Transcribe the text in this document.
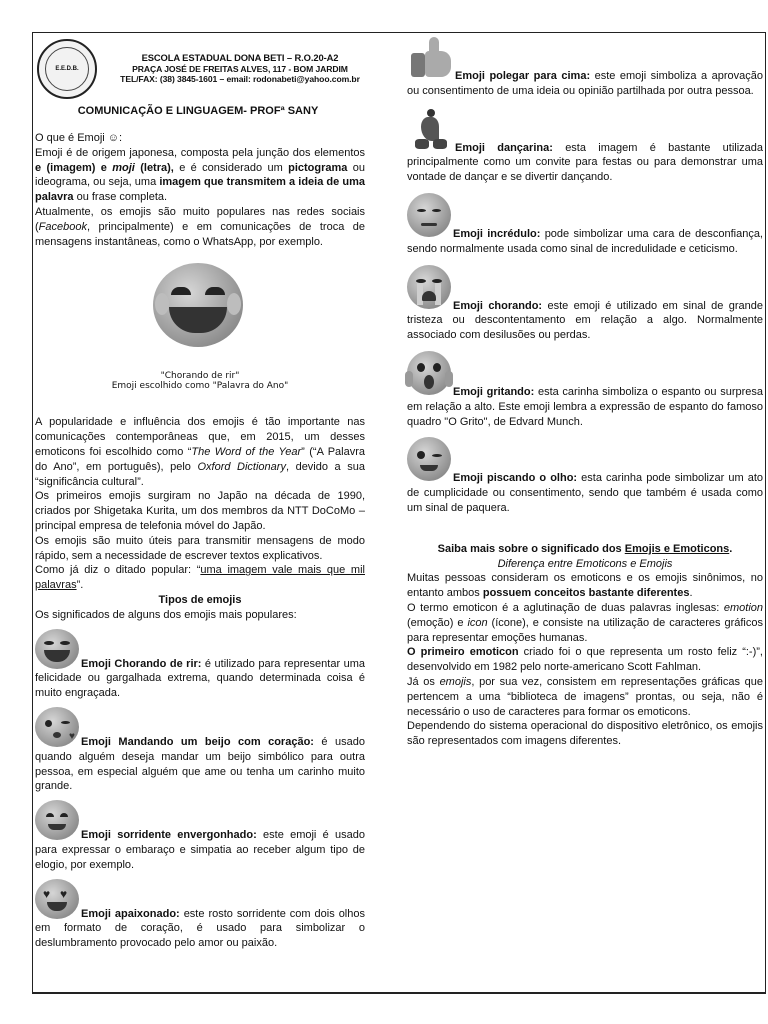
E.E.D.B.
ESCOLA ESTADUAL DONA BETI – R.O.20-A2
PRAÇA JOSÉ DE FREITAS ALVES, 117 - BOM JARDIM
TEL/FAX: (38) 3845-1601 – email: rodonabeti@yahoo.com.br
COMUNICAÇÃO E LINGUAGEM- PROFª SANY

O que é Emoji ☺:

Emoji é de origem japonesa, composta pela junção dos elementos e (imagem) e moji (letra), e é considerado um pictograma ou ideograma, ou seja, uma imagem que transmitem a ideia de uma palavra ou frase completa.

Atualmente, os emojis são muito populares nas redes sociais (Facebook, principalmente) e em comunicações de troca de mensagens instantâneas, como o WhatsApp, por exemplo.

"Chorando de rir"
Emoji escolhido como "Palavra do Ano"

A popularidade e influência dos emojis é tão importante nas comunicações contemporâneas que, em 2015, um desses emoticons foi escolhido como “The Word of the Year” (“A Palavra do Ano”, em português), pelo Oxford Dictionary, devido a sua “significância cultural”.

Os primeiros emojis surgiram no Japão na década de 1990, criados por Shigetaka Kurita, um dos membros da NTT DoCoMo – principal empresa de telefonia móvel do Japão.

Os emojis são muito úteis para transmitir mensagens de modo rápido, sem a necessidade de escrever textos explicativos.

Como já diz o ditado popular: “uma imagem vale mais que mil palavras”.

Tipos de emojis

Os significados de alguns dos emojis mais populares:

Emoji Chorando de rir: é utilizado para representar uma felicidade ou gargalhada extrema, quando determinada coisa é muito engraçada.

♥ Emoji Mandando um beijo com coração: é usado quando alguém deseja mandar um beijo simbólico para outra pessoa, em especial alguém que ame ou tenha um carinho muito grande.

Emoji sorridente envergonhado: este emoji é usado para expressar o embaraço e simpatia ao receber algum tipo de elogio, por exemplo.

♥ ♥

Emoji apaixonado: este rosto sorridente com dois olhos em formato de coração, é usado para simbolizar o deslumbramento provocado pelo amor ou paixão.

Emoji polegar para cima: este emoji simboliza a aprovação ou consentimento de uma ideia ou opinião partilhada por outra pessoa.

Emoji dançarina: esta imagem é bastante utilizada principalmente como um convite para festas ou para demonstrar uma vontade de dançar e se divertir dançando.

Emoji incrédulo: pode simbolizar uma cara de desconfiança, sendo normalmente usada como sinal de incredulidade e ceticismo.

Emoji chorando: este emoji é utilizado em sinal de grande tristeza ou descontentamento em relação a algo. Normalmente associado com desilusões ou perdas.

Emoji gritando: esta carinha simboliza o espanto ou surpresa em relação a alto. Este emoji lembra a expressão de espanto do famoso quadro "O Grito", de Edvard Munch.

Emoji piscando o olho: esta carinha pode simbolizar um ato de cumplicidade ou consentimento, sendo que também é usada como um sinal de paquera.

Saiba mais sobre o significado dos Emojis e Emoticons.

Diferença entre Emoticons e Emojis

Muitas pessoas consideram os emoticons e os emojis sinônimos, no entanto ambos possuem conceitos bastante diferentes.

O termo emoticon é a aglutinação de duas palavras inglesas: emotion (emoção) e icon (ícone), e consiste na utilização de caracteres gráficos para representar emoções humanas.

O primeiro emoticon criado foi o que representa um rosto feliz “:-)”, desenvolvido em 1982 pelo norte-americano Scott Fahlman.

Já os emojis, por sua vez, consistem em representações gráficas que pertencem a uma “biblioteca de imagens” prontas, ou seja, não é necessário o uso de caracteres para formar os emoticons.

Dependendo do sistema operacional do dispositivo eletrônico, os emojis são representados com imagens diferentes.
